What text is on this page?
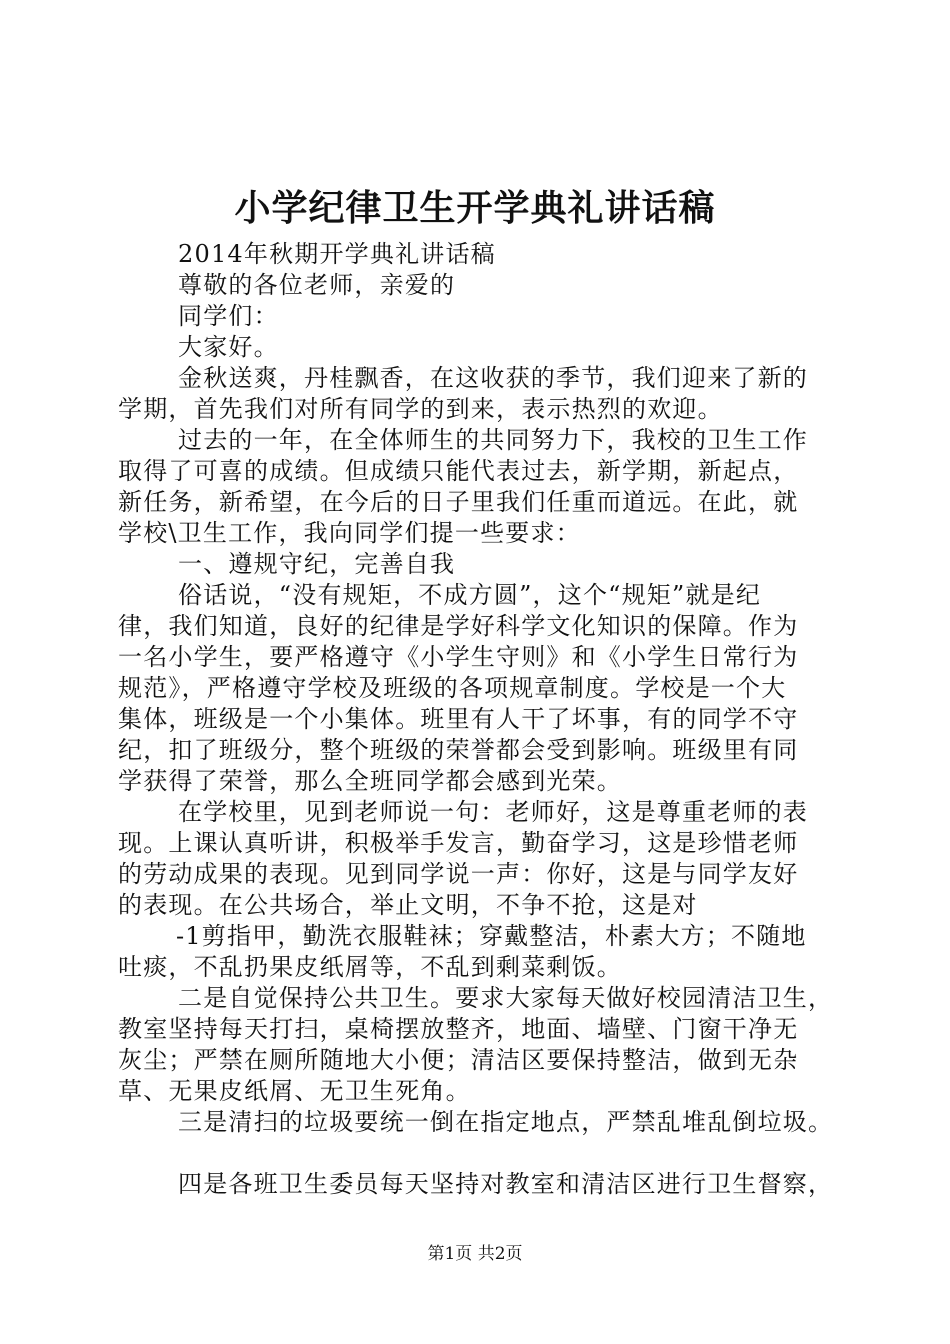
小学纪律卫生开学典礼讲话稿
2014年秋期开学典礼讲话稿
尊敬的各位老师，亲爱的
同学们：
大家好。
金秋送爽，丹桂飘香，在这收获的季节，我们迎来了新的
学期，首先我们对所有同学的到来，表示热烈的欢迎。
过去的一年，在全体师生的共同努力下，我校的卫生工作
取得了可喜的成绩。但成绩只能代表过去，新学期，新起点，
新任务，新希望，在今后的日子里我们任重而道远。在此，就
学校\卫生工作，我向同学们提一些要求：
一、遵规守纪，完善自我
俗话说，“没有规矩，不成方圆”，这个“规矩”就是纪
律，我们知道，良好的纪律是学好科学文化知识的保障。作为
一名小学生，要严格遵守《小学生守则》和《小学生日常行为
规范》，严格遵守学校及班级的各项规章制度。学校是一个大
集体，班级是一个小集体。班里有人干了坏事，有的同学不守
纪，扣了班级分，整个班级的荣誉都会受到影响。班级里有同
学获得了荣誉，那么全班同学都会感到光荣。
在学校里，见到老师说一句：老师好，这是尊重老师的表
现。上课认真听讲，积极举手发言，勤奋学习，这是珍惜老师
的劳动成果的表现。见到同学说一声：你好，这是与同学友好
的表现。在公共场合，举止文明，不争不抢，这是对
-1剪指甲，勤洗衣服鞋袜；穿戴整洁，朴素大方；不随地
吐痰，不乱扔果皮纸屑等，不乱到剩菜剩饭。
二是自觉保持公共卫生。要求大家每天做好校园清洁卫生，
教室坚持每天打扫，桌椅摆放整齐，地面、墙壁、门窗干净无
灰尘；严禁在厕所随地大小便；清洁区要保持整洁，做到无杂
草、无果皮纸屑、无卫生死角。
三是清扫的垃圾要统一倒在指定地点，严禁乱堆乱倒垃圾。
四是各班卫生委员每天坚持对教室和清洁区进行卫生督察，
第1页 共2页
